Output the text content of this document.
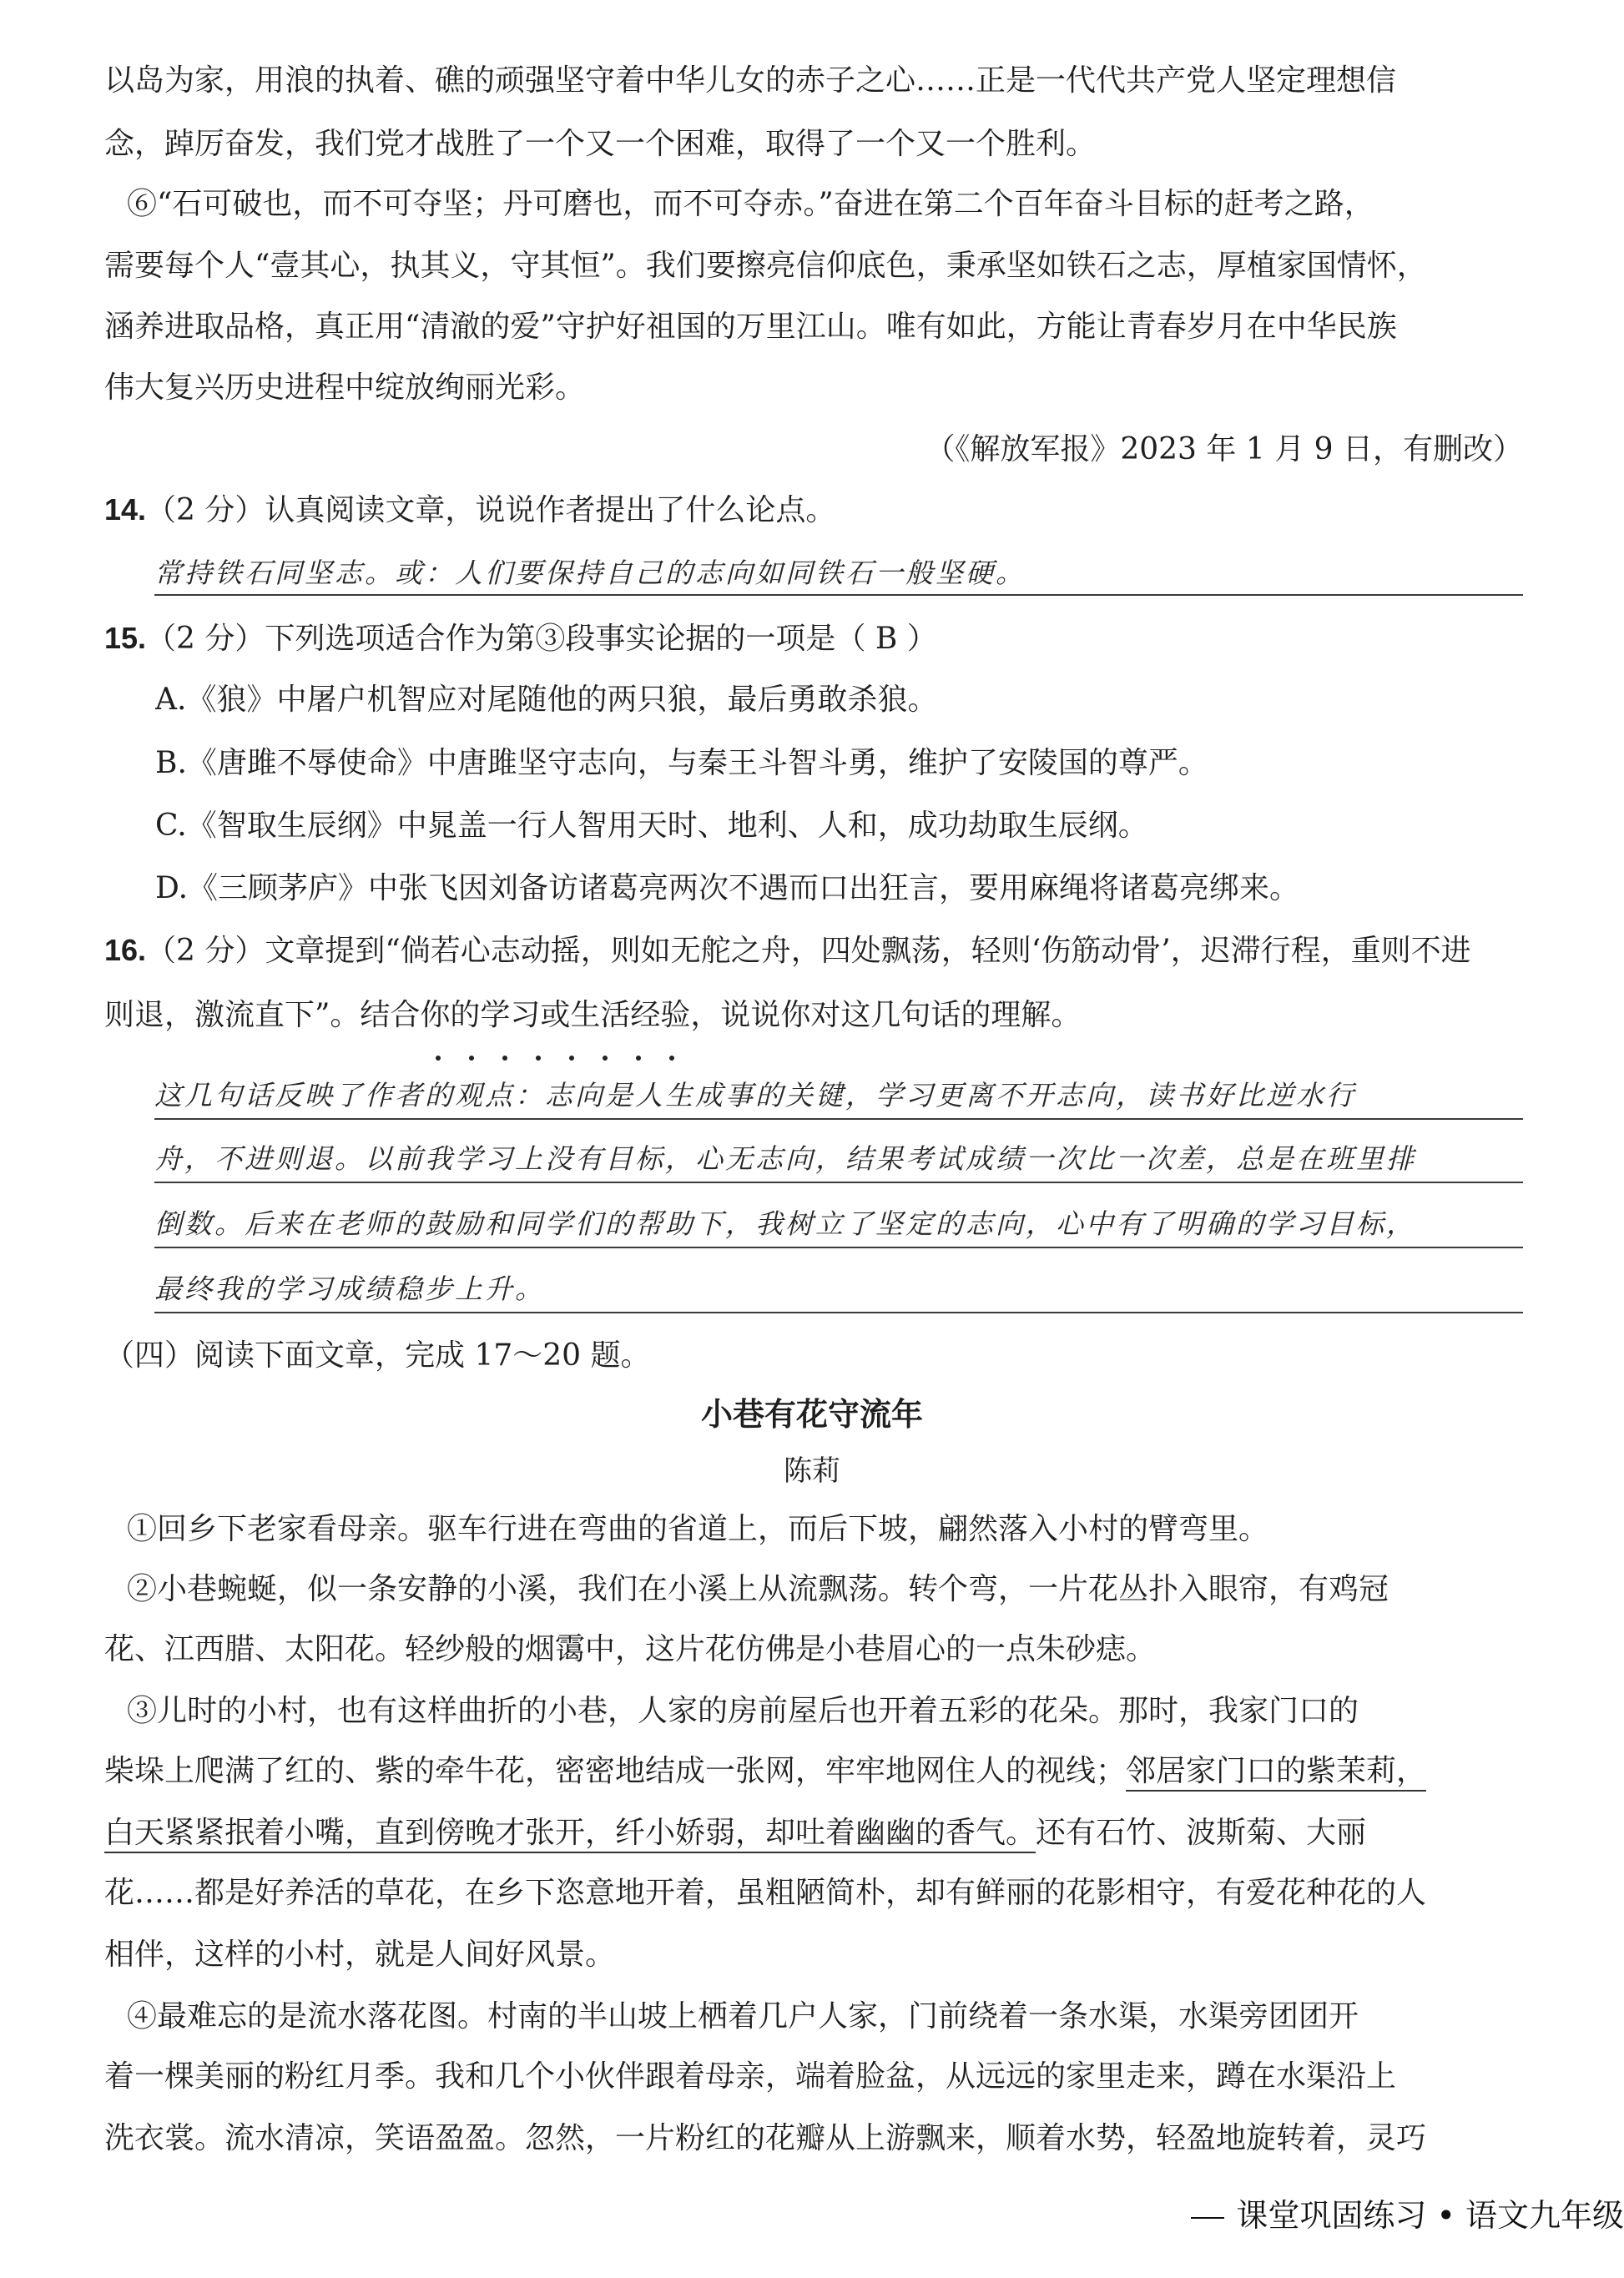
以岛为家，用浪的执着、礁的顽强坚守着中华儿女的赤子之心……正是一代代共产党人坚定理想信
念，踔厉奋发，我们党才战胜了一个又一个困难，取得了一个又一个胜利。
⑥“石可破也，而不可夺坚；丹可磨也，而不可夺赤。”奋进在第二个百年奋斗目标的赶考之路，
需要每个人“壹其心，执其义，守其恒”。我们要擦亮信仰底色，秉承坚如铁石之志，厚植家国情怀，
涵养进取品格，真正用“清澈的爱”守护好祖国的万里江山。唯有如此，方能让青春岁月在中华民族
伟大复兴历史进程中绽放绚丽光彩。
（《解放军报》2023 年 1 月 9 日，有删改）
14.（2 分）认真阅读文章，说说作者提出了什么论点。
常持铁石同坚志。或：人们要保持自己的志向如同铁石一般坚硬。
15.（2 分）下列选项适合作为第③段事实论据的一项是（ B ）
A.《狼》中屠户机智应对尾随他的两只狼，最后勇敢杀狼。
B.《唐雎不辱使命》中唐雎坚守志向，与秦王斗智斗勇，维护了安陵国的尊严。
C.《智取生辰纲》中晁盖一行人智用天时、地利、人和，成功劫取生辰纲。
D.《三顾茅庐》中张飞因刘备访诸葛亮两次不遇而口出狂言，要用麻绳将诸葛亮绑来。
16.（2 分）文章提到“倘若心志动摇，则如无舵之舟，四处飘荡，轻则‘伤筋动骨’，迟滞行程，重则不进
则退，激流直下”。结合你的学习或生活经验，说说你对这几句话的理解。
这几句话反映了作者的观点：志向是人生成事的关键，学习更离不开志向，读书好比逆水行
舟，不进则退。以前我学习上没有目标，心无志向，结果考试成绩一次比一次差，总是在班里排
倒数。后来在老师的鼓励和同学们的帮助下，我树立了坚定的志向，心中有了明确的学习目标，
最终我的学习成绩稳步上升。
（四）阅读下面文章，完成 17～20 题。
小巷有花守流年
陈莉
①回乡下老家看母亲。驱车行进在弯曲的省道上，而后下坡，翩然落入小村的臂弯里。
②小巷蜿蜒，似一条安静的小溪，我们在小溪上从流飘荡。转个弯，一片花丛扑入眼帘，有鸡冠
花、江西腊、太阳花。轻纱般的烟霭中，这片花仿佛是小巷眉心的一点朱砂痣。
③儿时的小村，也有这样曲折的小巷，人家的房前屋后也开着五彩的花朵。那时，我家门口的
柴垛上爬满了红的、紫的牵牛花，密密地结成一张网，牢牢地网住人的视线；邻居家门口的紫茉莉，
白天紧紧抿着小嘴，直到傍晚才张开，纤小娇弱，却吐着幽幽的香气。还有石竹、波斯菊、大丽
花……都是好养活的草花，在乡下恣意地开着，虽粗陋简朴，却有鲜丽的花影相守，有爱花种花的人
相伴，这样的小村，就是人间好风景。
④最难忘的是流水落花图。村南的半山坡上栖着几户人家，门前绕着一条水渠，水渠旁团团开
着一棵美丽的粉红月季。我和几个小伙伴跟着母亲，端着脸盆，从远远的家里走来，蹲在水渠沿上
洗衣裳。流水清凉，笑语盈盈。忽然，一片粉红的花瓣从上游飘来，顺着水势，轻盈地旋转着，灵巧
课堂巩固练习 • 语文九年级
